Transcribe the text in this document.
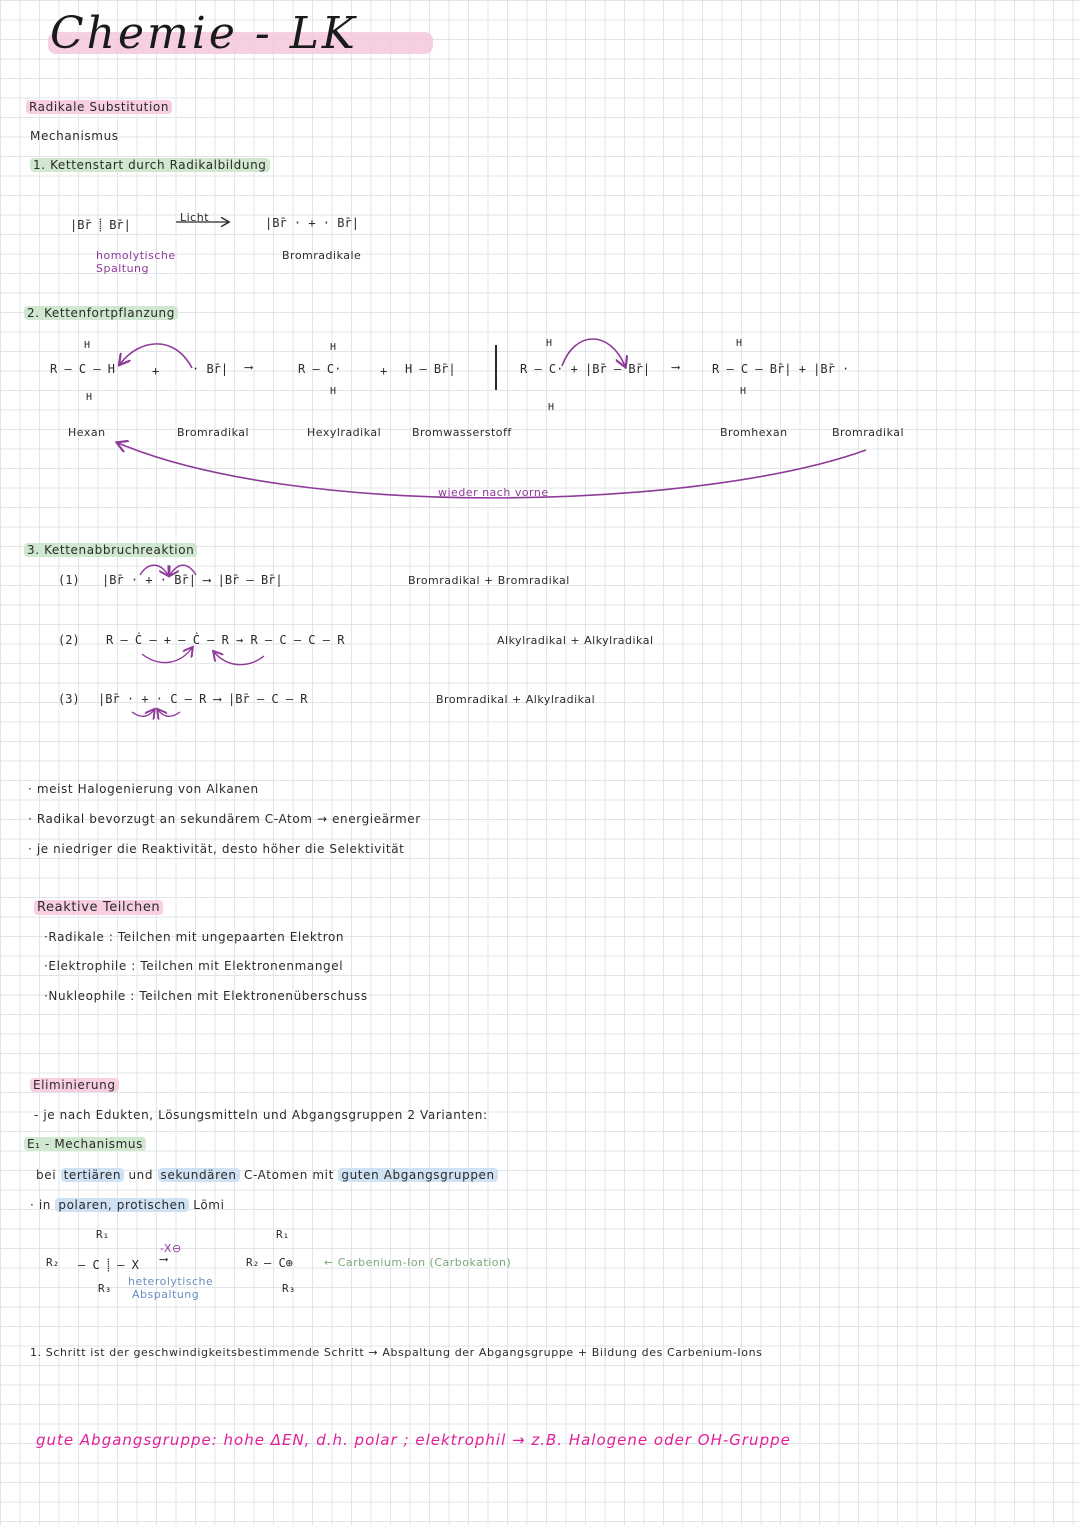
Chemie - LK
Radikale Substitution
Mechanismus
1. Kettenstart durch Radikalbildung
|Br̄ ⸽ Br̄|
Licht	|Br̄ · + · Br̄|
homolytische
Spaltung
Bromradikale
2. Kettenfortpflanzung
R – C – H
H
H
+	· Br̄| ⟶	R – C·
H
H
+ H – Br̄|	R – C· + |Br̄ – Br̄|
H
H
⟶	R – C – Br̄| + |Br̄ ·
H
H
Hexan	Bromradikal	Hexylradikal	Bromwasserstoff	Bromhexan	Bromradikal
wieder nach vorne
3. Kettenabbruchreaktion
(1) |Br̄ · + · Br̄| ⟶ |Br̄ – Br̄|	Bromradikal + Bromradikal
(2) R – Ċ – + – Ċ – R → R – C – C – R	Alkylradikal + Alkylradikal
(3) |Br̄ · + · C – R ⟶ |Br̄ – C – R	Bromradikal + Alkylradikal
· meist Halogenierung von Alkanen
· Radikal bevorzugt an sekundärem C-Atom → energieärmer
· je niedriger die Reaktivität, desto höher die Selektivität
Reaktive Teilchen
·Radikale : Teilchen mit ungepaarten Elektron
·Elektrophile : Teilchen mit Elektronenmangel
·Nukleophile : Teilchen mit Elektronenüberschuss
Eliminierung
- je nach Edukten, Lösungsmitteln und Abgangsgruppen 2 Varianten:
E₁ - Mechanismus
bei tertiären und sekundären C-Atomen mit guten Abgangsgruppen
· in polaren, protischen Lömi
R₁
R₂ – C ⸽ – X
R₃
-X⊖
⟶
heterolytische
Abspaltung
R₁
R₂ – C⊕
R₃
← Carbenium-Ion (Carbokation)
1. Schritt ist der geschwindigkeitsbestimmende Schritt → Abspaltung der Abgangsgruppe + Bildung des Carbenium-Ions
gute Abgangsgruppe: hohe ΔEN, d.h. polar ; elektrophil → z.B. Halogene oder OH-Gruppe
